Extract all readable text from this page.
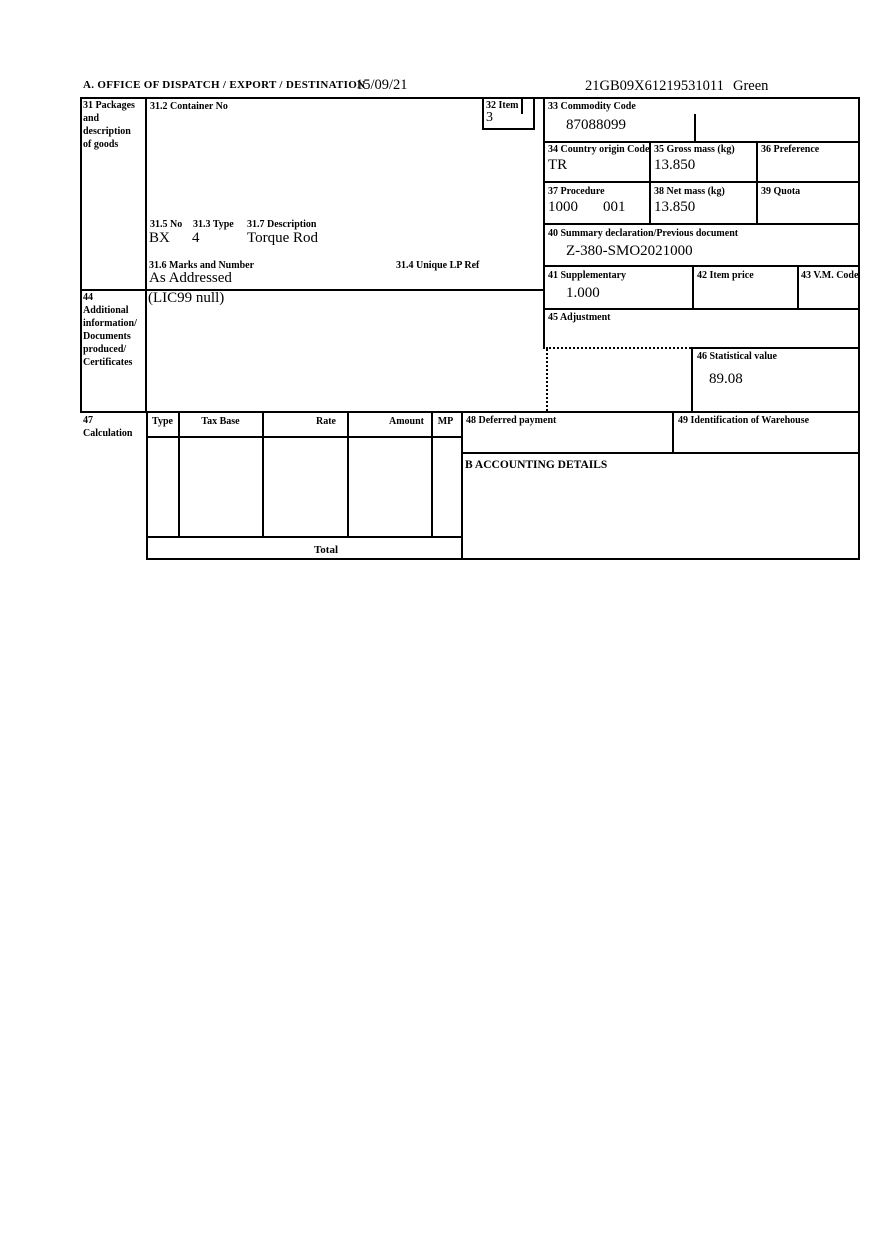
A. OFFICE OF DISPATCH / EXPORT / DESTINATION
15/09/21	21GB09X61219531011 Green
31 Packages
and
description
of goods
31.2 Container No
31.5 No 31.3 Type 31.7 Description
BX 4	Torque Rod
31.6 Marks and Number	31.4 Unique LP Ref
As Addressed
32 Item
3
33 Commodity Code
87088099
34 Country origin Code
TR
35 Gross mass (kg)
13.850
36 Preference
37 Procedure
1000 001
38 Net mass (kg)
13.850
39 Quota
40 Summary declaration/Previous document
Z-380-SMO2021000
41 Supplementary
1.000
42 Item price	43 V.M. Code
44
Additional
information/
Documents
produced/
Certificates
(LIC99 null)
45 Adjustment
46 Statistical value
89.08
47
Calculation
Type	Tax Base	Rate	Amount	MP
Total
48 Deferred payment	49 Identification of Warehouse
B ACCOUNTING DETAILS
